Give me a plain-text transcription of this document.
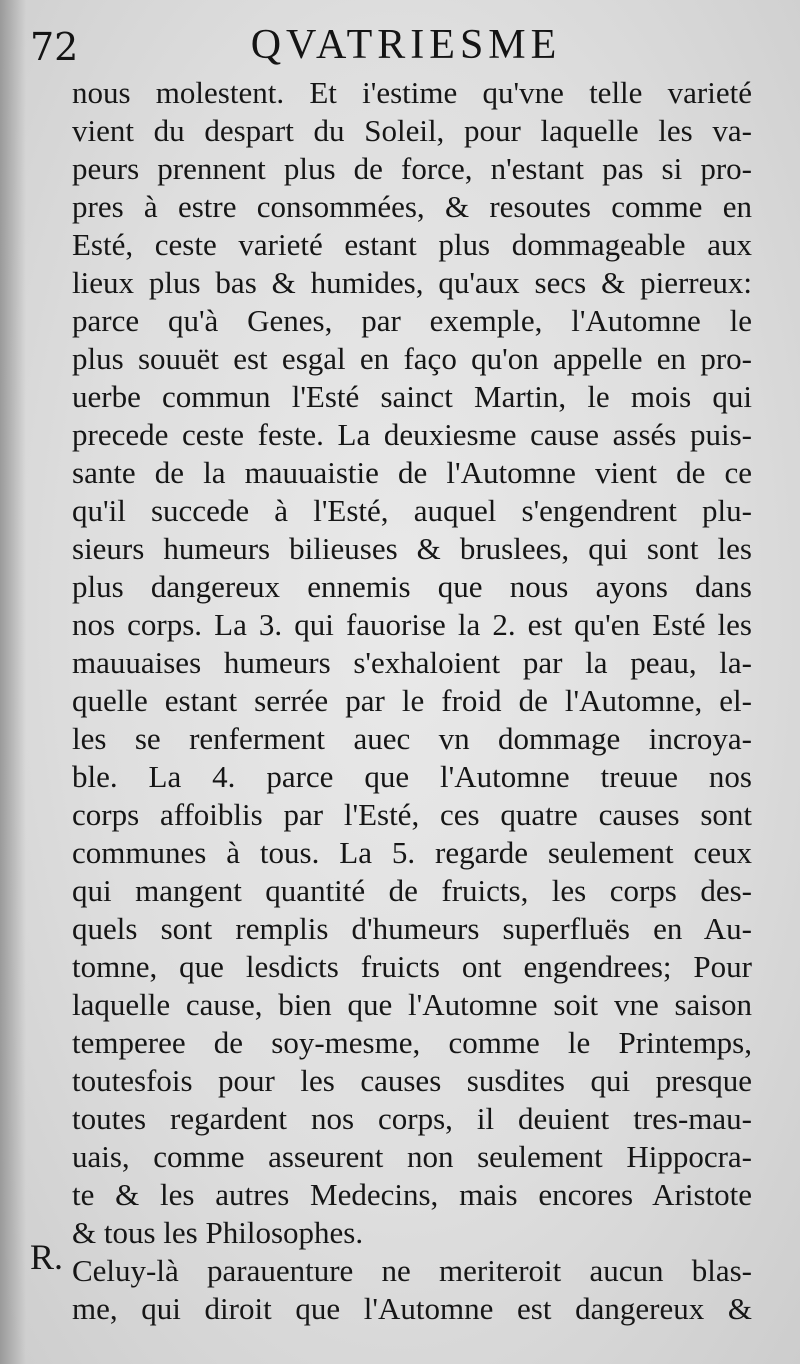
72	QVATRIESME
nous molestent. Et i'estime qu'vne telle varieté
vient du despart du Soleil, pour laquelle les va-
peurs prennent plus de force, n'estant pas si pro-
pres à estre consommées, & resoutes comme en
Esté, ceste varieté estant plus dommageable aux
lieux plus bas & humides, qu'aux secs & pierreux:
parce qu'à Genes, par exemple, l'Automne le
plus souuët est esgal en faço qu'on appelle en pro-
uerbe commun l'Esté sainct Martin, le mois qui
precede ceste feste. La deuxiesme cause assés puis-
sante de la mauuaistie de l'Automne vient de ce
qu'il succede à l'Esté, auquel s'engendrent plu-
sieurs humeurs bilieuses & bruslees, qui sont les
plus dangereux ennemis que nous ayons dans
nos corps. La 3. qui fauorise la 2. est qu'en Esté les
mauuaises humeurs s'exhaloient par la peau, la-
quelle estant serrée par le froid de l'Automne, el-
les se renferment auec vn dommage incroya-
ble. La 4. parce que l'Automne treuue nos
corps affoiblis par l'Esté, ces quatre causes sont
communes à tous. La 5. regarde seulement ceux
qui mangent quantité de fruicts, les corps des-
quels sont remplis d'humeurs superfluës en Au-
tomne, que lesdicts fruicts ont engendrees; Pour
laquelle cause, bien que l'Automne soit vne saison
temperee de soy-mesme, comme le Printemps,
toutesfois pour les causes susdites qui presque
toutes regardent nos corps, il deuient tres-mau-
uais, comme asseurent non seulement Hippocra-
te & les autres Medecins, mais encores Aristote
& tous les Philosophes.
Celuy-là parauenture ne meriteroit aucun blas-
me, qui diroit que l'Automne est dangereux &
R.
